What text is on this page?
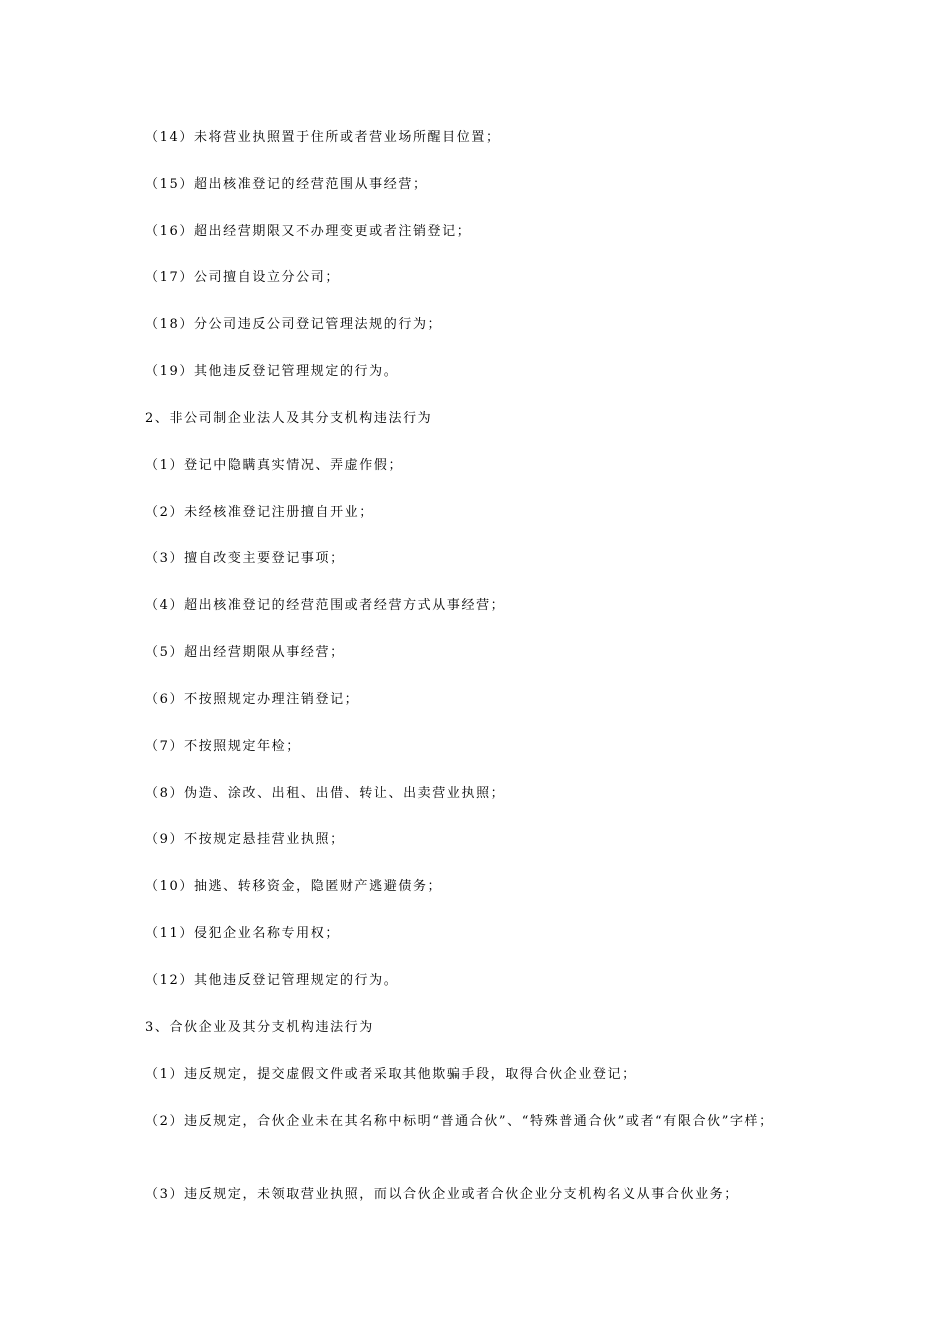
（14）未将营业执照置于住所或者营业场所醒目位置；

（15）超出核准登记的经营范围从事经营；

（16）超出经营期限又不办理变更或者注销登记；

（17）公司擅自设立分公司；

（18）分公司违反公司登记管理法规的行为；

（19）其他违反登记管理规定的行为。

2、非公司制企业法人及其分支机构违法行为

（1）登记中隐瞒真实情况、弄虚作假；

（2）未经核准登记注册擅自开业；

（3）擅自改变主要登记事项；

（4）超出核准登记的经营范围或者经营方式从事经营；

（5）超出经营期限从事经营；

（6）不按照规定办理注销登记；

（7）不按照规定年检；

（8）伪造、涂改、出租、出借、转让、出卖营业执照；

（9）不按规定悬挂营业执照；

（10）抽逃、转移资金，隐匿财产逃避债务；

（11）侵犯企业名称专用权；

（12）其他违反登记管理规定的行为。

3、合伙企业及其分支机构违法行为

（1）违反规定，提交虚假文件或者采取其他欺骗手段，取得合伙企业登记；

（2）违反规定，合伙企业未在其名称中标明“普通合伙”、“特殊普通合伙”或者“有限合伙”字样；

（3）违反规定，未领取营业执照，而以合伙企业或者合伙企业分支机构名义从事合伙业务；
